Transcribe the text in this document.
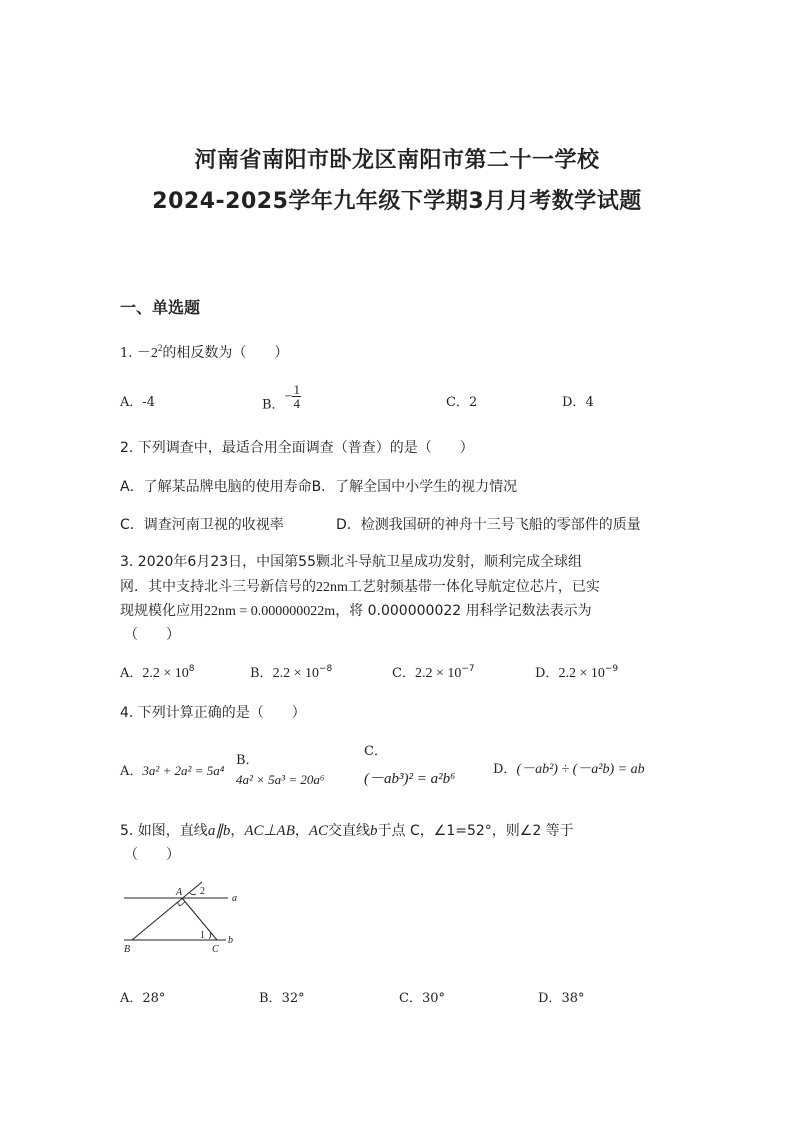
河南省南阳市卧龙区南阳市第二十一学校
2024-2025学年九年级下学期3月月考数学试题
一、单选题
1. $-2^2$的相反数为（　　）
A．-4	B．− $\frac{1}{4}$	C．2	D．4
2. 下列调查中，最适合用全面调查（普查）的是（　　）
A．了解某品牌电脑的使用寿命B．了解全国中小学生的视力情况
C．调查河南卫视的收视率	D．检测我国研的神舟十三号飞船的零部件的质量
3. 2020年6月23日，中国第55颗北斗导航卫星成功发射，顺利完成全球组
网．其中支持北斗三号新信号的22nm工艺射频基带一体化导航定位芯片，已实
现规模化应用22nm = 0.000000022m，将 0.000000022 用科学记数法表示为
（　　）
A．$2.2 \times 10^8$	B．$2.2 \times 10^{-8}$	C．$2.2 \times 10^{-7}$	D．$2.2 \times 10^{-9}$
4. 下列计算正确的是（　　）
A．3a² + 2a² = 5a⁴
B．
4a² × 5a³ = 20a⁶
C．
(－ab³)² = a²b⁶
D．(－ab²) ÷ (－a²b) = ab
5. 如图，直线a∥b，AC⊥AB，AC交直线b于点 C，∠1=52°，则∠2 等于
（　　）
A 2
a
1 b
B	C
A．28°	B．32°	C．30°	D．38°
